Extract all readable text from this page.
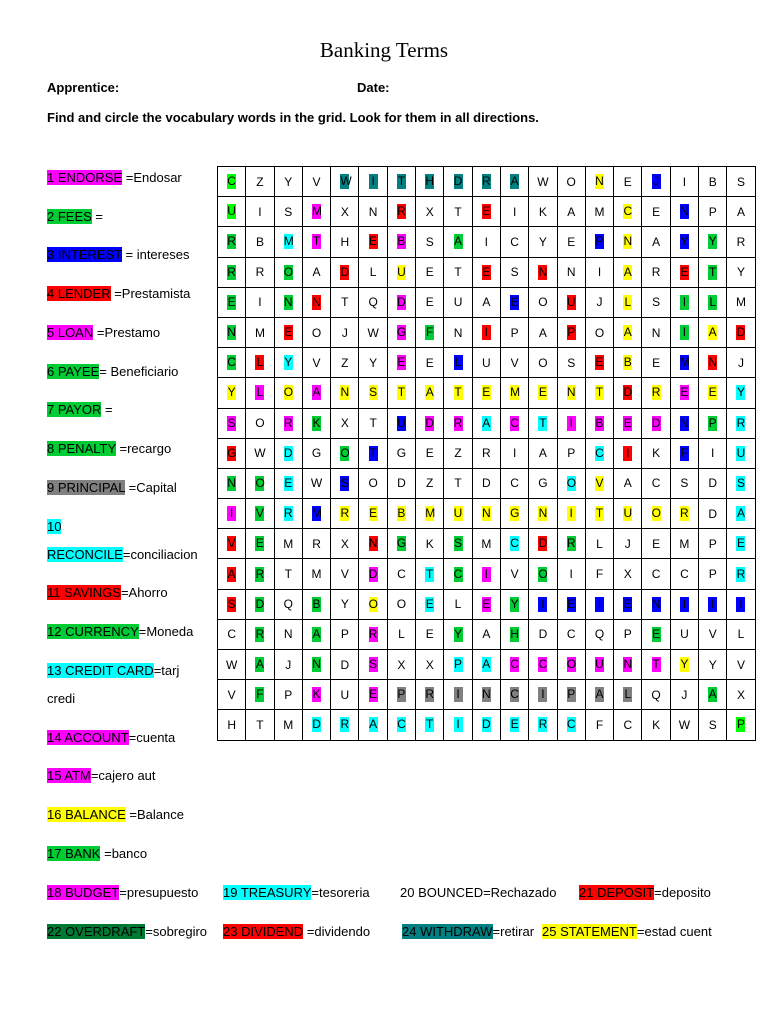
Banking Terms
Apprentice:	Date:
Find and circle the vocabulary words in the grid. Look for them in all directions.
1 ENDORSE =Endosar
2 FEES =
3 INTEREST = intereses
4 LENDER =Prestamista
5 LOAN =Prestamo
6 PAYEE= Beneficiario
7 PAYOR =
8 PENALTY =recargo
9 PRINCIPAL =Capital
10
RECONCILE=conciliacion
11 SAVINGS=Ahorro
12 CURRENCY=Moneda
13 CREDIT CARD=tarj
credi
14 ACCOUNT=cuenta
15 ATM=cajero aut
16 BALANCE =Balance
17 BANK =banco
C	Z	Y	V	W	I	T	H	D	R	A	W	O	N	E	J	I	B	S
U	I	S	M	X	N	R	X	T	E	I	K	A	M	C	E	N	P	A
R	B	M	T	H	E	B	S	A	I	C	Y	E	P	N	A	Y	Y	R
R	R	O	A	D	L	U	E	T	E	S	N	N	I	A	R	E	T	Y
E	I	N	N	T	Q	D	E	U	A	E	O	U	J	L	S	I	L	M
N	M	E	O	J	W	G	F	N	I	P	A	P	O	A	N	I	A	D
C	L	Y	V	Z	Y	E	E	L	U	V	O	S	E	B	E	M	N	J
Y	L	O	A	N	S	T	A	T	E	M	E	N	T	D	R	E	E	Y
S	O	R	K	X	T	U	D	R	A	C	T	I	B	E	D	N	P	R
G	W	D	G	O	T	G	E	Z	R	I	A	P	C	I	K	F	I	U
N	O	E	W	S	O	D	Z	T	D	C	G	O	V	A	C	S	D	S
I	V	R	M	R	E	B	M	U	N	G	N	I	T	U	O	R	D	A
V	E	M	R	X	N	G	K	S	M	C	D	R	L	J	E	M	P	E
A	R	T	M	V	D	C	T	C	I	V	O	I	F	X	C	C	P	R
S	D	Q	B	Y	O	O	E	L	E	Y	I	E	I	E	N	I	I	I
C	R	N	A	P	R	L	E	Y	A	H	D	C	Q	P	E	U	V	L
W	A	J	N	D	S	X	X	P	A	C	C	O	U	N	T	Y	Y	V
V	F	P	K	U	E	P	R	I	N	C	I	P	A	L	Q	J	A	X
H	T	M	D	R	A	C	T	I	D	E	R	C	F	C	K	W	S	P
18 BUDGET=presupuesto 19 TREASURY=tesoreria 20 BOUNCED=Rechazado 21 DEPOSIT=deposito
22 OVERDRAFT=sobregiro 23 DIVIDEND =dividendo 24 WITHDRAW=retirar 25 STATEMENT=estad cuent
